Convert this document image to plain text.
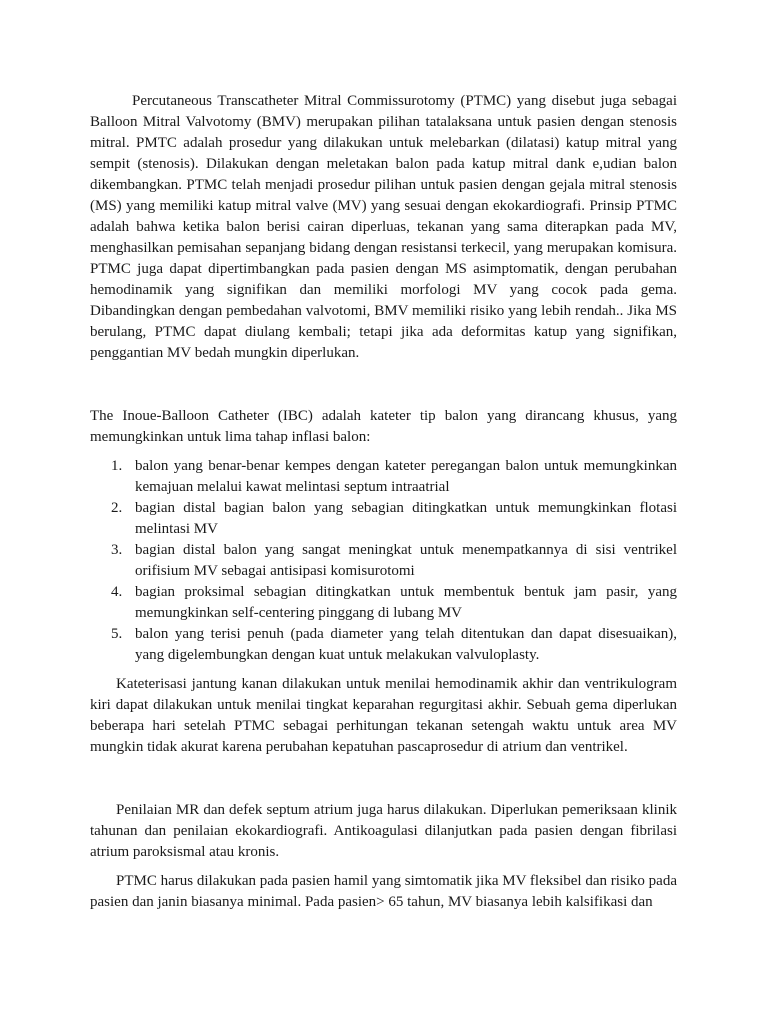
Percutaneous Transcatheter Mitral Commissurotomy (PTMC) yang disebut juga sebagai Balloon Mitral Valvotomy (BMV) merupakan pilihan tatalaksana untuk pasien dengan stenosis mitral. PMTC adalah prosedur yang dilakukan untuk melebarkan (dilatasi) katup mitral yang sempit (stenosis). Dilakukan dengan meletakan balon pada katup mitral dank e,udian balon dikembangkan. PTMC telah menjadi prosedur pilihan untuk pasien dengan gejala mitral stenosis (MS) yang memiliki katup mitral valve (MV) yang sesuai dengan ekokardiografi. Prinsip PTMC adalah bahwa ketika balon berisi cairan diperluas, tekanan yang sama diterapkan pada MV, menghasilkan pemisahan sepanjang bidang dengan resistansi terkecil, yang merupakan komisura. PTMC juga dapat dipertimbangkan pada pasien dengan MS asimptomatik, dengan perubahan hemodinamik yang signifikan dan memiliki morfologi MV yang cocok pada gema. Dibandingkan dengan pembedahan valvotomi, BMV memiliki risiko yang lebih rendah.. Jika MS berulang, PTMC dapat diulang kembali; tetapi jika ada deformitas katup yang signifikan, penggantian MV bedah mungkin diperlukan.

The Inoue-Balloon Catheter (IBC) adalah kateter tip balon yang dirancang khusus, yang memungkinkan untuk lima tahap inflasi balon:

1. balon yang benar-benar kempes dengan kateter peregangan balon untuk memungkinkan kemajuan melalui kawat melintasi septum intraatrial
2. bagian distal bagian balon yang sebagian ditingkatkan untuk memungkinkan flotasi melintasi MV
3. bagian distal balon yang sangat meningkat untuk menempatkannya di sisi ventrikel orifisium MV sebagai antisipasi komisurotomi
4. bagian proksimal sebagian ditingkatkan untuk membentuk bentuk jam pasir, yang memungkinkan self-centering pinggang di lubang MV
5. balon yang terisi penuh (pada diameter yang telah ditentukan dan dapat disesuaikan), yang digelembungkan dengan kuat untuk melakukan valvuloplasty.

Kateterisasi jantung kanan dilakukan untuk menilai hemodinamik akhir dan ventrikulogram kiri dapat dilakukan untuk menilai tingkat keparahan regurgitasi akhir. Sebuah gema diperlukan beberapa hari setelah PTMC sebagai perhitungan tekanan setengah waktu untuk area MV mungkin tidak akurat karena perubahan kepatuhan pascaprosedur di atrium dan ventrikel.

Penilaian MR dan defek septum atrium juga harus dilakukan. Diperlukan pemeriksaan klinik tahunan dan penilaian ekokardiografi. Antikoagulasi dilanjutkan pada pasien dengan fibrilasi atrium paroksismal atau kronis.

PTMC harus dilakukan pada pasien hamil yang simtomatik jika MV fleksibel dan risiko pada pasien dan janin biasanya minimal. Pada pasien> 65 tahun, MV biasanya lebih kalsifikasi dan
